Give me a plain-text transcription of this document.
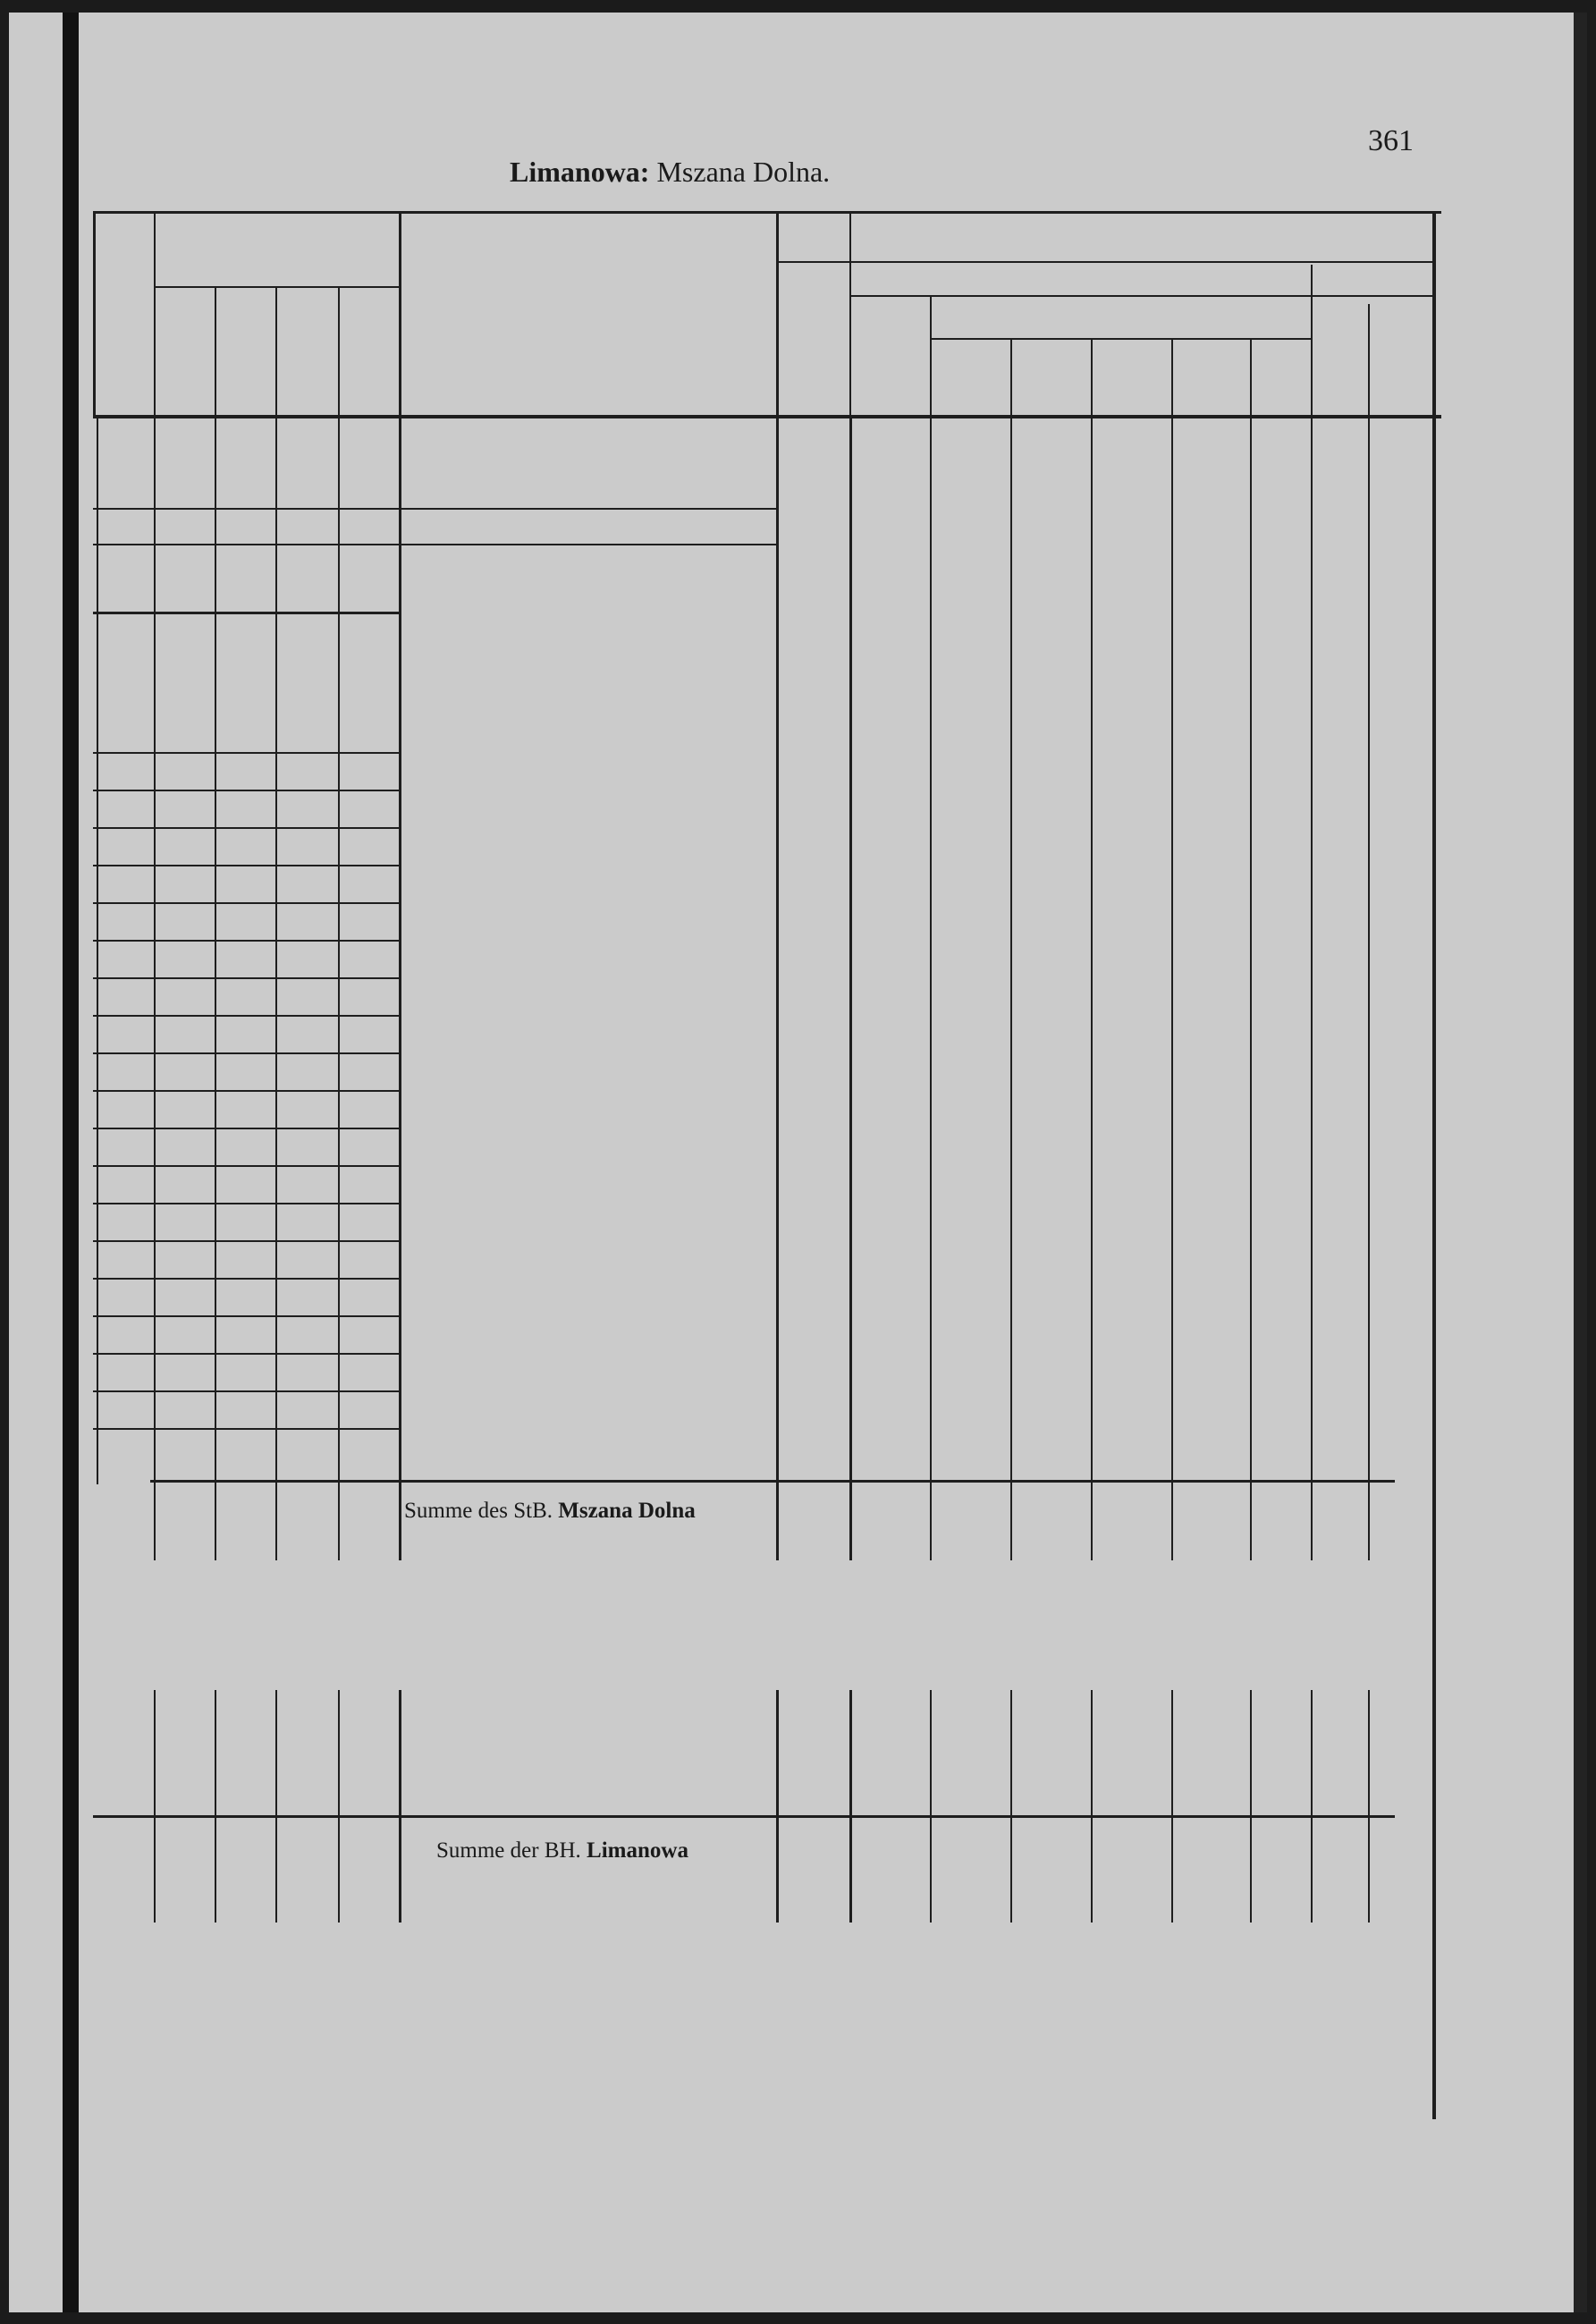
361
Limanowa: Mszana Dolna.
Summe des StB. Mszana Dolna
Summe der BH. Limanowa
